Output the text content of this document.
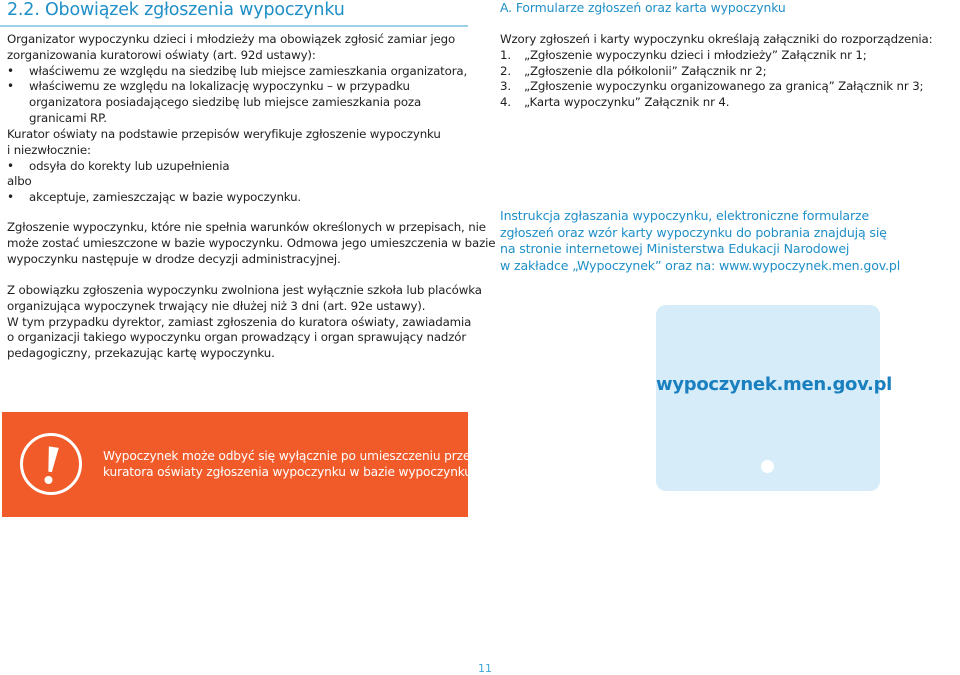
2.2. Obowiązek zgłoszenia wypoczynku
Organizator wypoczynku dzieci i młodzieży ma obowiązek zgłosić zamiar jego
zorganizowania kuratorowi oświaty (art. 92d ustawy):
• właściwemu ze względu na siedzibę lub miejsce zamieszkania organizatora,
• właściwemu ze względu na lokalizację wypoczynku – w przypadku organizatora posiadającego siedzibę lub miejsce zamieszkania poza granicami RP.
Kurator oświaty na podstawie przepisów weryfikuje zgłoszenie wypoczynku
i niezwłocznie:
• odsyła do korekty lub uzupełnienia
albo
• akceptuje, zamieszczając w bazie wypoczynku.
Zgłoszenie wypoczynku, które nie spełnia warunków określonych w przepisach, nie
może zostać umieszczone w bazie wypoczynku. Odmowa jego umieszczenia w bazie
wypoczynku następuje w drodze decyzji administracyjnej.
Z obowiązku zgłoszenia wypoczynku zwolniona jest wyłącznie szkoła lub placówka
organizująca wypoczynek trwający nie dłużej niż 3 dni (art. 92e ustawy).
W tym przypadku dyrektor, zamiast zgłoszenia do kuratora oświaty, zawiadamia
o organizacji takiego wypoczynku organ prowadzący i organ sprawujący nadzór
pedagogiczny, przekazując kartę wypoczynku.
Wypoczynek może odbyć się wyłącznie po umieszczeniu przez
kuratora oświaty zgłoszenia wypoczynku w bazie wypoczynku.
A. Formularze zgłoszeń oraz karta wypoczynku
Wzory zgłoszeń i karty wypoczynku określają załączniki do rozporządzenia:
1. „Zgłoszenie wypoczynku dzieci i młodzieży” Załącznik nr 1;
2. „Zgłoszenie dla półkolonii” Załącznik nr 2;
3. „Zgłoszenie wypoczynku organizowanego za granicą” Załącznik nr 3;
4. „Karta wypoczynku” Załącznik nr 4.
Instrukcja zgłaszania wypoczynku, elektroniczne formularze
zgłoszeń oraz wzór karty wypoczynku do pobrania znajdują się
na stronie internetowej Ministerstwa Edukacji Narodowej
w zakładce „Wypoczynek” oraz na: www.wypoczynek.men.gov.pl
wypoczynek.men.gov.pl
11
